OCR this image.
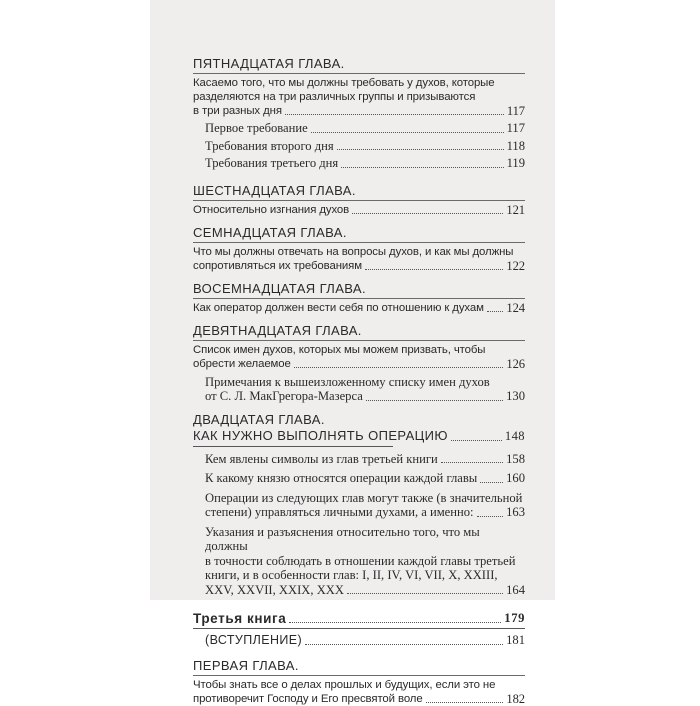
ПЯТНАДЦАТАЯ ГЛАВА.
Касаемо того, что мы должны требовать у духов, которые
разделяются на три различных группы и призываются
в три разных дня	117
Первое требование	117
Требования второго дня	118
Требования третьего дня	119
ШЕСТНАДЦАТАЯ ГЛАВА.
Относительно изгнания духов	121
СЕМНАДЦАТАЯ ГЛАВА.
Что мы должны отвечать на вопросы духов, и как мы должны
сопротивляться их требованиям	122
ВОСЕМНАДЦАТАЯ ГЛАВА.
Как оператор должен вести себя по отношению к духам 124
ДЕВЯТНАДЦАТАЯ ГЛАВА.
Список имен духов, которых мы можем призвать, чтобы
обрести желаемое	126
Примечания к вышеизложенному списку имен духов
от С. Л. МакГрегора-Мазерса	130
ДВАДЦАТАЯ ГЛАВА.
КАК НУЖНО ВЫПОЛНЯТЬ ОПЕРАЦИЮ	148
Кем явлены символы из глав третьей книги	158
К какому князю относятся операции каждой главы 160
Операции из следующих глав могут также (в значительной
степени) управляться личными духами, а именно:	163
Указания и разъяснения относительно того, что мы должны
в точности соблюдать в отношении каждой главы третьей
книги, и в особенности глав: I, II, IV, VI, VII, X, XXIII,
XXV, XXVII, XXIX, XXX	164
Третья книга	179
(ВСТУПЛЕНИЕ)	181
ПЕРВАЯ ГЛАВА.
Чтобы знать все о делах прошлых и будущих, если это не
противоречит Господу и Его пресвятой воле	182
